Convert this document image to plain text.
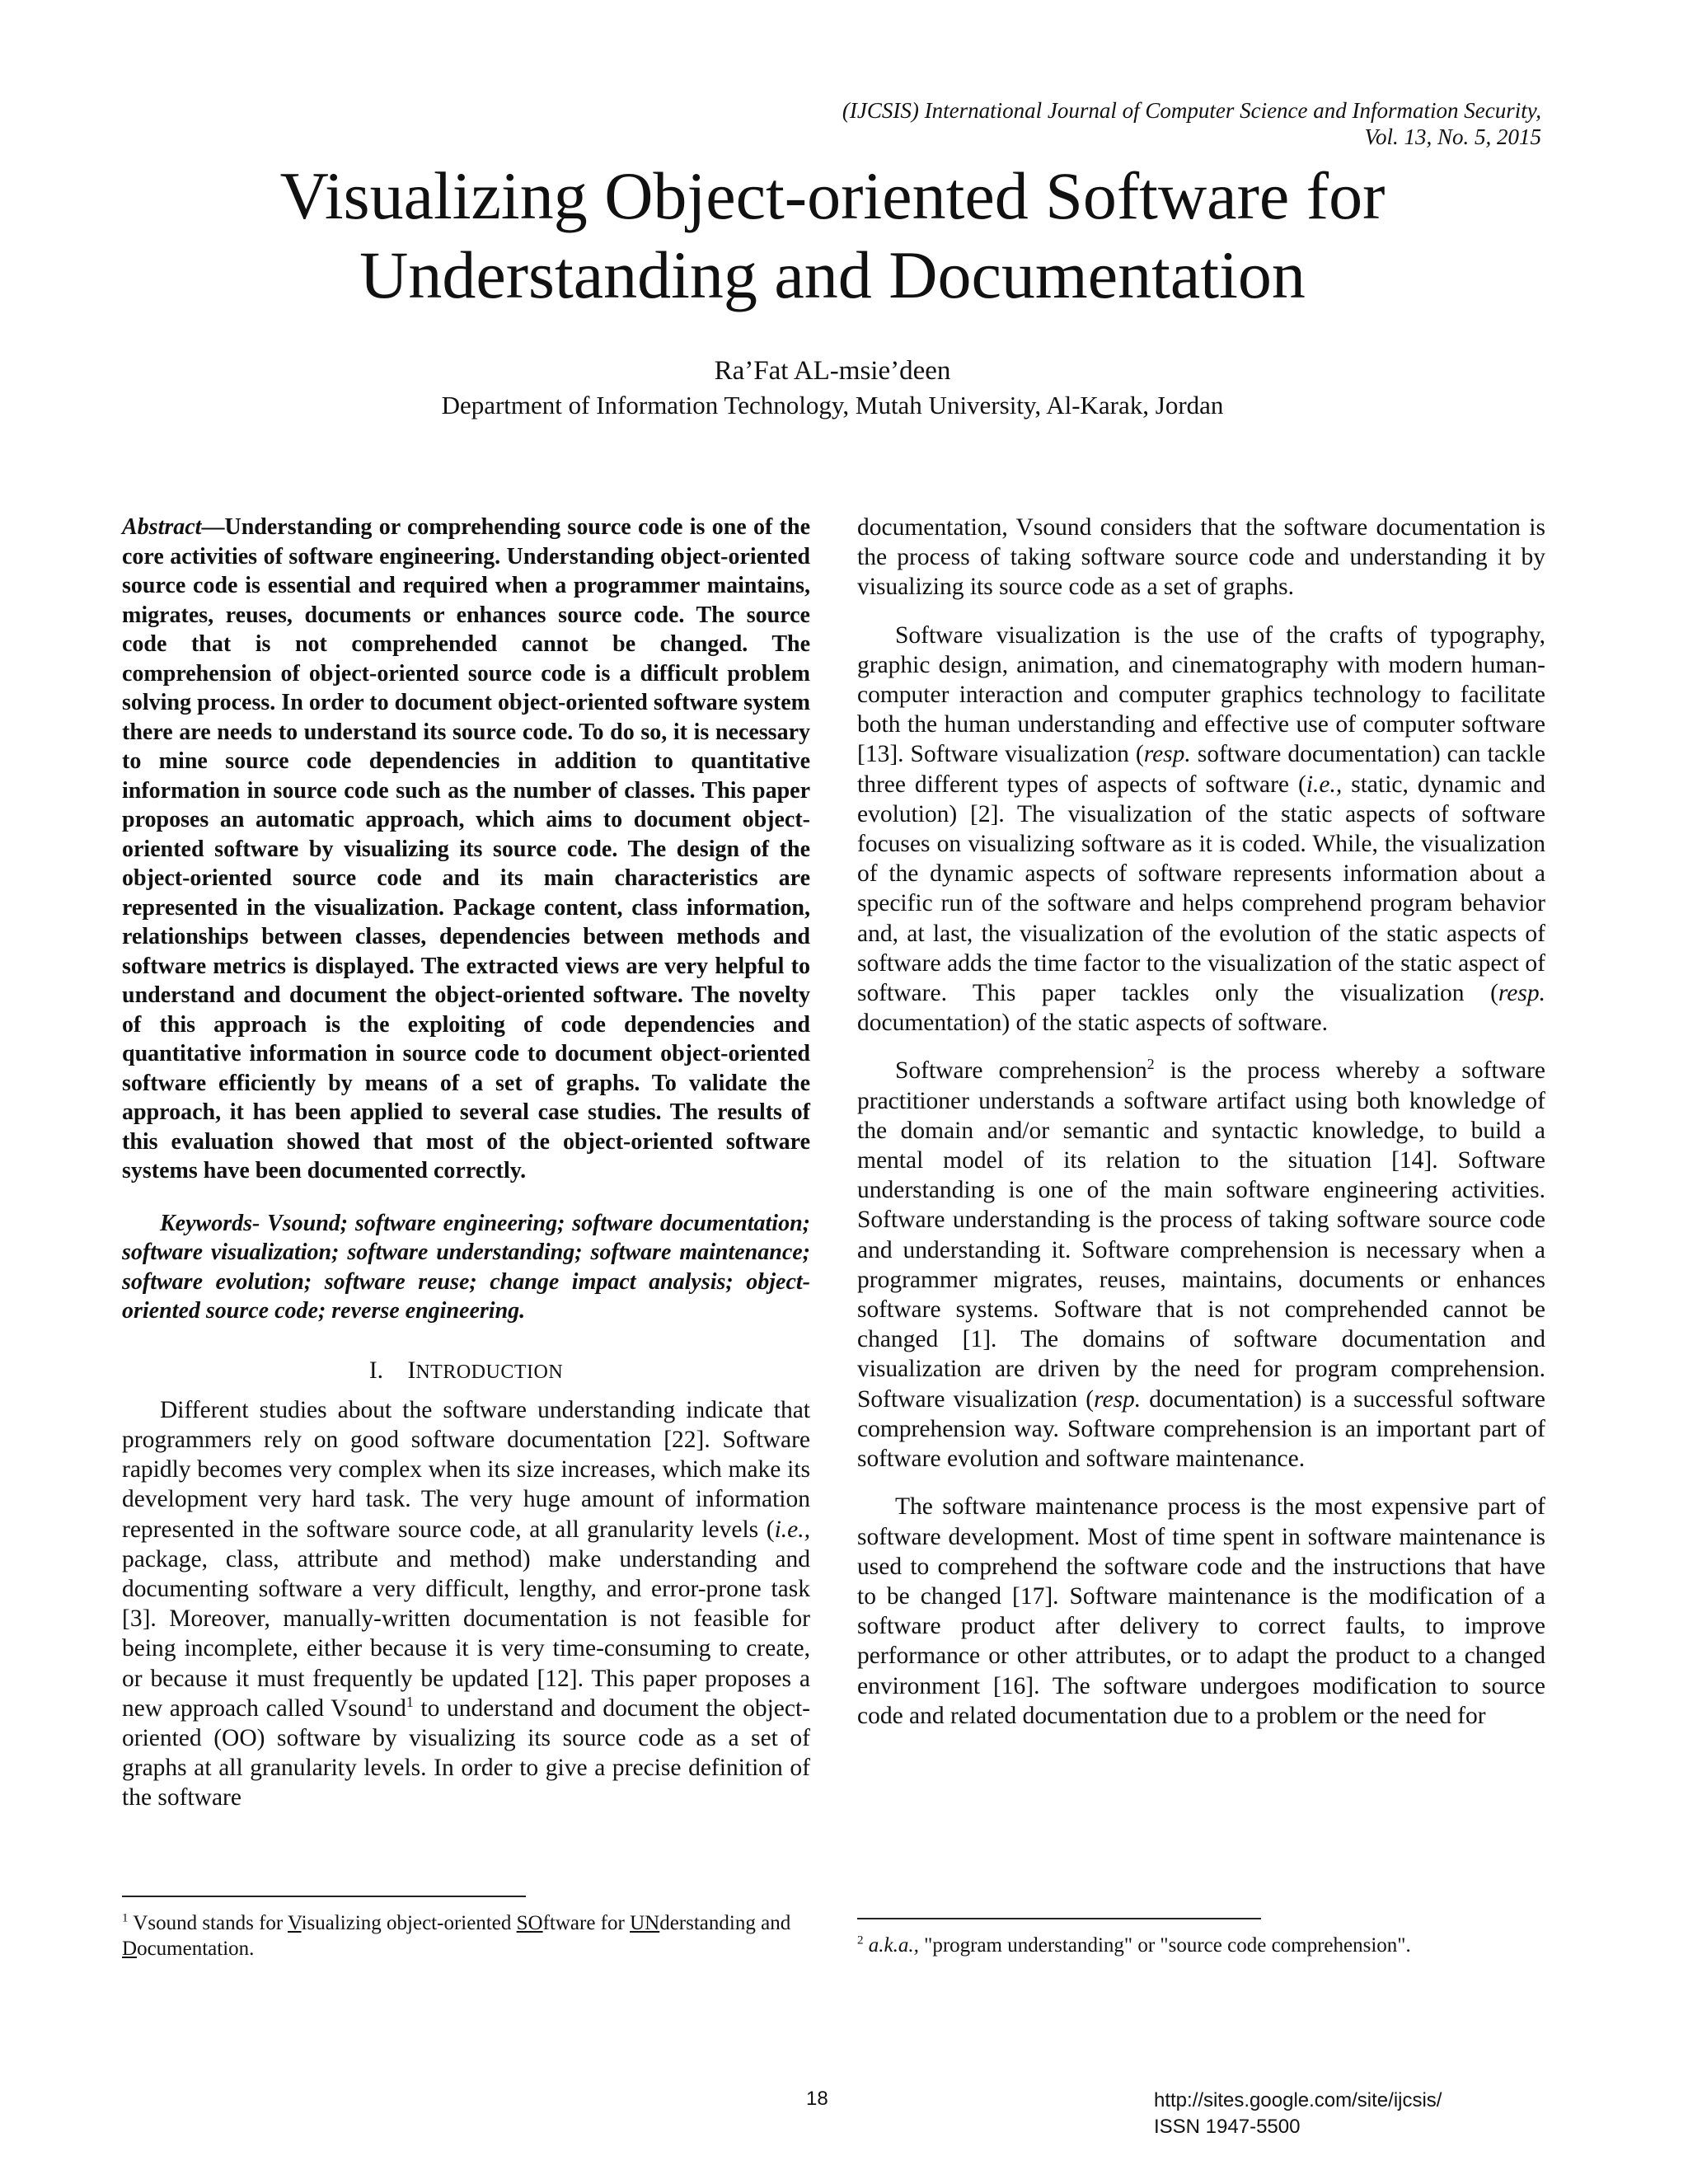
(IJCSIS) International Journal of Computer Science and Information Security,
Vol. 13, No. 5, 2015
Visualizing Object-oriented Software for
Understanding and Documentation
Ra’Fat AL-msie’deen
Department of Information Technology, Mutah University, Al-Karak, Jordan

Abstract—Understanding or comprehending source code is one of the core activities of software engineering. Understanding object-oriented source code is essential and required when a programmer maintains, migrates, reuses, documents or enhances source code. The source code that is not comprehended cannot be changed. The comprehension of object-oriented source code is a difficult problem solving process. In order to document object-oriented software system there are needs to understand its source code. To do so, it is necessary to mine source code dependencies in addition to quantitative information in source code such as the number of classes. This paper proposes an automatic approach, which aims to document object-oriented software by visualizing its source code. The design of the object-oriented source code and its main characteristics are represented in the visualization. Package content, class information, relationships between classes, dependencies between methods and software metrics is displayed. The extracted views are very helpful to understand and document the object-oriented software. The novelty of this approach is the exploiting of code dependencies and quantitative information in source code to document object-oriented software efficiently by means of a set of graphs. To validate the approach, it has been applied to several case studies. The results of this evaluation showed that most of the object-oriented software systems have been documented correctly.

Keywords- Vsound; software engineering; software documentation; software visualization; software understanding; software maintenance; software evolution; software reuse; change impact analysis; object-oriented source code; reverse engineering.

I. INTRODUCTION

Different studies about the software understanding indicate that programmers rely on good software documentation [22]. Software rapidly becomes very complex when its size increases, which make its development very hard task. The very huge amount of information represented in the software source code, at all granularity levels (i.e., package, class, attribute and method) make understanding and documenting software a very difficult, lengthy, and error-prone task [3]. Moreover, manually-written documentation is not feasible for being incomplete, either because it is very time-consuming to create, or because it must frequently be updated [12]. This paper proposes a new approach called Vsound$^1$ to understand and document the object-oriented (OO) software by visualizing its source code as a set of graphs at all granularity levels. In order to give a precise definition of the software

documentation, Vsound considers that the software documentation is the process of taking software source code and understanding it by visualizing its source code as a set of graphs.

Software visualization is the use of the crafts of typography, graphic design, animation, and cinematography with modern human-computer interaction and computer graphics technology to facilitate both the human understanding and effective use of computer software [13]. Software visualization (resp. software documentation) can tackle three different types of aspects of software (i.e., static, dynamic and evolution) [2]. The visualization of the static aspects of software focuses on visualizing software as it is coded. While, the visualization of the dynamic aspects of software represents information about a specific run of the software and helps comprehend program behavior and, at last, the visualization of the evolution of the static aspects of software adds the time factor to the visualization of the static aspect of software. This paper tackles only the visualization (resp. documentation) of the static aspects of software.

Software comprehension$^2$ is the process whereby a software practitioner understands a software artifact using both knowledge of the domain and/or semantic and syntactic knowledge, to build a mental model of its relation to the situation [14]. Software understanding is one of the main software engineering activities. Software understanding is the process of taking software source code and understanding it. Software comprehension is necessary when a programmer migrates, reuses, maintains, documents or enhances software systems. Software that is not comprehended cannot be changed [1]. The domains of software documentation and visualization are driven by the need for program comprehension. Software visualization (resp. documentation) is a successful software comprehension way. Software comprehension is an important part of software evolution and software maintenance.

The software maintenance process is the most expensive part of software development. Most of time spent in software maintenance is used to comprehend the software code and the instructions that have to be changed [17]. Software maintenance is the modification of a software product after delivery to correct faults, to improve performance or other attributes, or to adapt the product to a changed environment [16]. The software undergoes modification to source code and related documentation due to a problem or the need for

$^1$ Vsound stands for Visualizing object-oriented SOftware for UNderstanding and Documentation.	$^2$ a.k.a., "program understanding" or "source code comprehension".
18	http://sites.google.com/site/ijcsis/
ISSN 1947-5500
